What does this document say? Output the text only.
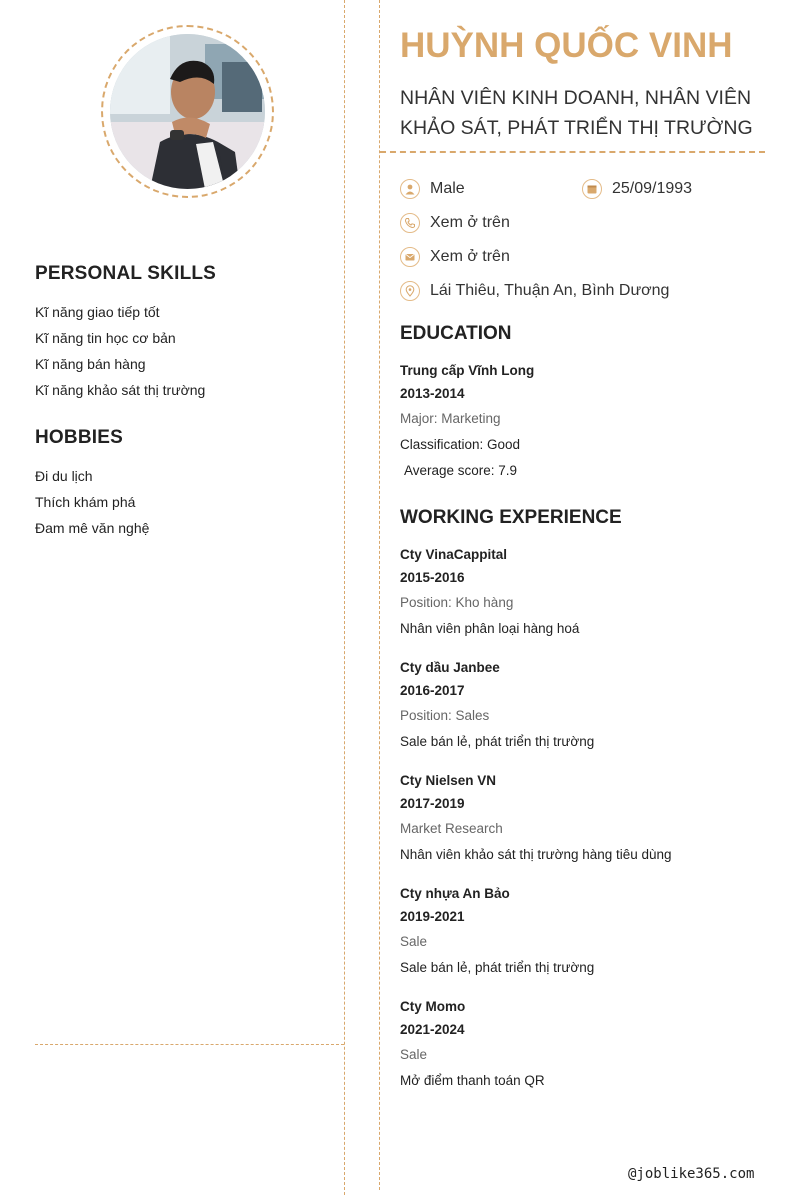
PERSONAL SKILLS
Kĩ năng giao tiếp tốt
Kĩ năng tin học cơ bản
Kĩ năng bán hàng
Kĩ năng khảo sát thị trường
HOBBIES
Đi du lịch
Thích khám phá
Đam mê văn nghệ
HUỲNH QUỐC VINH
NHÂN VIÊN KINH DOANH, NHÂN VIÊN KHẢO SÁT, PHÁT TRIỂN THỊ TRƯỜNG
Male	25/09/1993
Xem ở trên
Xem ở trên
Lái Thiêu, Thuận An, Bình Dương
EDUCATION
Trung cấp Vĩnh Long
2013-2014
Major: Marketing
Classification: Good
Average score: 7.9
WORKING EXPERIENCE
Cty VinaCappital
2015-2016
Position: Kho hàng
Nhân viên phân loại hàng hoá
Cty dầu Janbee
2016-2017
Position: Sales
Sale bán lẻ, phát triển thị trường
Cty Nielsen VN
2017-2019
Market Research
Nhân viên khảo sát thị trường hàng tiêu dùng
Cty nhựa An Bảo
2019-2021
Sale
Sale bán lẻ, phát triển thị trường
Cty Momo
2021-2024
Sale
Mở điểm thanh toán QR
@joblike365.com
